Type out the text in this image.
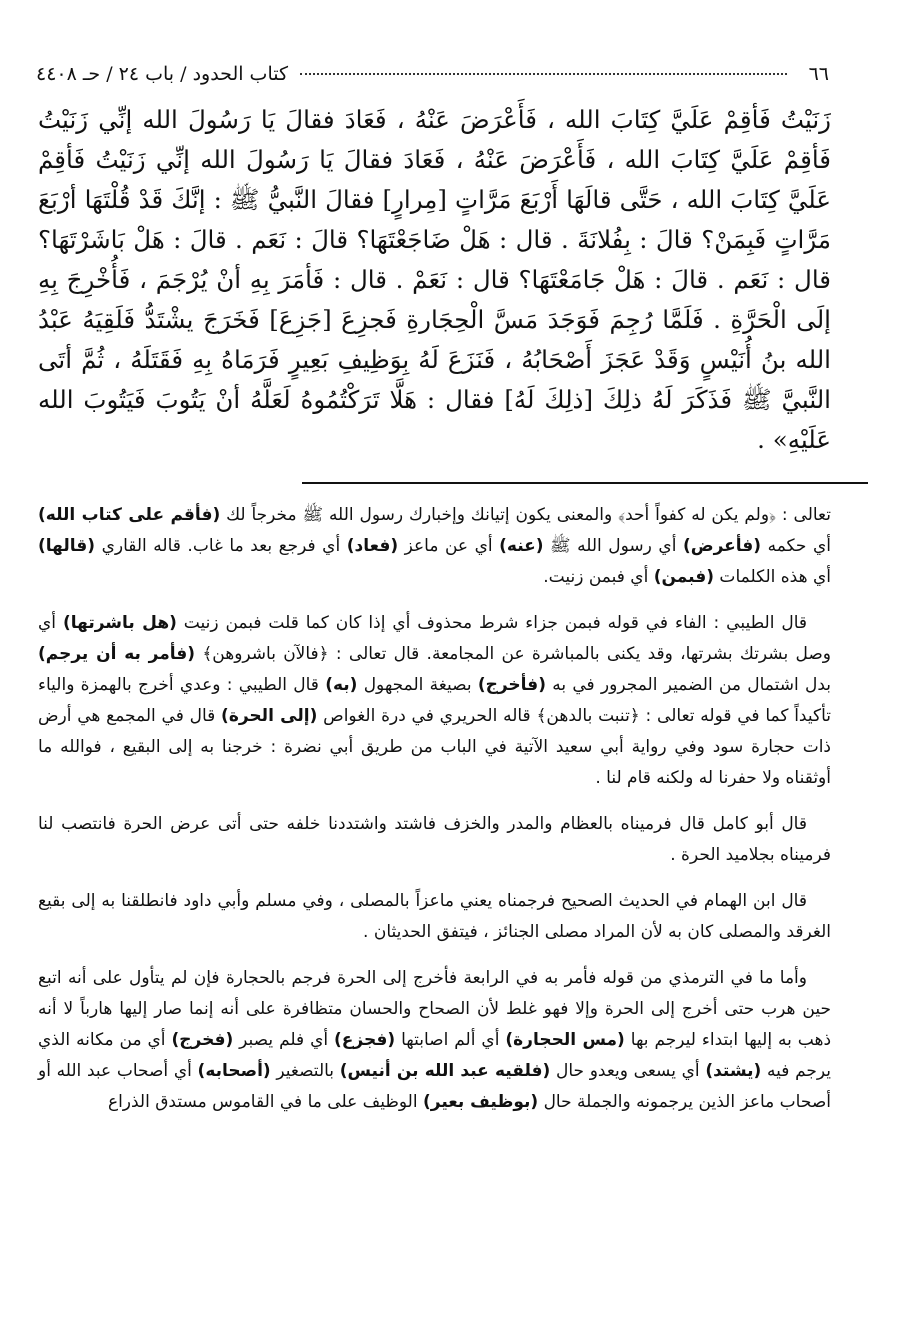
٦٦
كتاب الحدود / باب ٢٤ / حـ ٤٤٠٨

زَنَيْتُ فَأقِمْ عَلَيَّ كِتَابَ الله ، فَأَعْرَضَ عَنْهُ ، فَعَادَ فقالَ يَا رَسُولَ الله إنِّي زَنَيْتُ فَأقِمْ عَلَيَّ كِتَابَ الله ، فَأَعْرَضَ عَنْهُ ، فَعَادَ فقالَ يَا رَسُولَ الله إنِّي زَنَيْتُ فَأقِمْ عَلَيَّ كِتَابَ الله ، حَتَّى قالَهَا أَرْبَعَ مَرَّاتٍ [مِرارٍ] فقالَ النَّبيُّ ﷺ : إنَّكَ قَدْ قُلْتَهَا أرْبَعَ مَرَّاتٍ فَبِمَنْ؟ قالَ : بِفُلانَةَ . قال : هَلْ ضَاجَعْتَهَا؟ قالَ : نَعَم . قالَ : هَلْ بَاشَرْتَهَا؟ قال : نَعَم . قالَ : هَلْ جَامَعْتَهَا؟ قال : نَعَمْ . قال : فَأمَرَ بِهِ أنْ يُرْجَمَ ، فَأُخْرِجَ بِهِ إلَى الْحَرَّةِ . فَلَمَّا رُجِمَ فَوَجَدَ مَسَّ الْحِجَارةِ فَجزِعَ [جَزِعَ] فَخَرَجَ يشْتَدُّ فَلَقِيَهُ عَبْدُ الله بنُ أُنَيْسٍ وَقَدْ عَجَزَ أَصْحَابُهُ ، فَنَزَعَ لَهُ بِوَظِيفِ بَعِيرٍ فَرَمَاهُ بِهِ فَقَتَلَهُ ، ثُمَّ أتَى النَّبيَّ ﷺ فَذَكَرَ لَهُ ذلِكَ [ذلِكَ لَهُ] فقال : هَلَّا تَرَكْتُمُوهُ لَعَلَّهُ أنْ يَتُوبَ فَيَتُوبَ الله عَلَيْهِ» .

تعالى : ﴿ولم يكن له كفواً أحد﴾ والمعنى يكون إتيانك وإخبارك رسول الله ﷺ مخرجاً لك (فأقم على كتاب الله) أي حكمه (فأعرض) أي رسول الله ﷺ (عنه) أي عن ماعز (فعاد) أي فرجع بعد ما غاب. قاله القاري (قالها) أي هذه الكلمات (فبمن) أي فبمن زنيت.

قال الطيبي : الفاء في قوله فبمن جزاء شرط محذوف أي إذا كان كما قلت فبمن زنيت (هل باشرتها) أي وصل بشرتك بشرتها، وقد يكنى بالمباشرة عن المجامعة. قال تعالى : ﴿فالآن باشروهن﴾ (فأمر به أن يرجم) بدل اشتمال من الضمير المجرور في به (فأخرج) بصيغة المجهول (به) قال الطيبي : وعدي أخرج بالهمزة والياء تأكيداً كما في قوله تعالى : ﴿تنبت بالدهن﴾ قاله الحريري في درة الغواص (إلى الحرة) قال في المجمع هي أرض ذات حجارة سود وفي رواية أبي سعيد الآتية في الباب من طريق أبي نضرة : خرجنا به إلى البقيع ، فوالله ما أوثقناه ولا حفرنا له ولكنه قام لنا .

قال أبو كامل قال فرميناه بالعظام والمدر والخزف فاشتد واشتددنا خلفه حتى أتى عرض الحرة فانتصب لنا فرميناه بجلاميد الحرة .

قال ابن الهمام في الحديث الصحيح فرجمناه يعني ماعزاً بالمصلى ، وفي مسلم وأبي داود فانطلقنا به إلى بقيع الغرقد والمصلى كان به لأن المراد مصلى الجنائز ، فيتفق الحديثان .

وأما ما في الترمذي من قوله فأمر به في الرابعة فأخرج إلى الحرة فرجم بالحجارة فإن لم يتأول على أنه اتبع حين هرب حتى أخرج إلى الحرة وإلا فهو غلط لأن الصحاح والحسان متظافرة على أنه إنما صار إليها هارباً لا أنه ذهب به إليها ابتداء ليرجم بها (مس الحجارة) أي ألم اصابتها (فجزع) أي فلم يصبر (فخرج) أي من مكانه الذي يرجم فيه (يشتد) أي يسعى ويعدو حال (فلقيه عبد الله بن أنيس) بالتصغير (أصحابه) أي أصحاب عبد الله أو أصحاب ماعز الذين يرجمونه والجملة حال (بوظيف بعير) الوظيف على ما في القاموس مستدق الذراع
